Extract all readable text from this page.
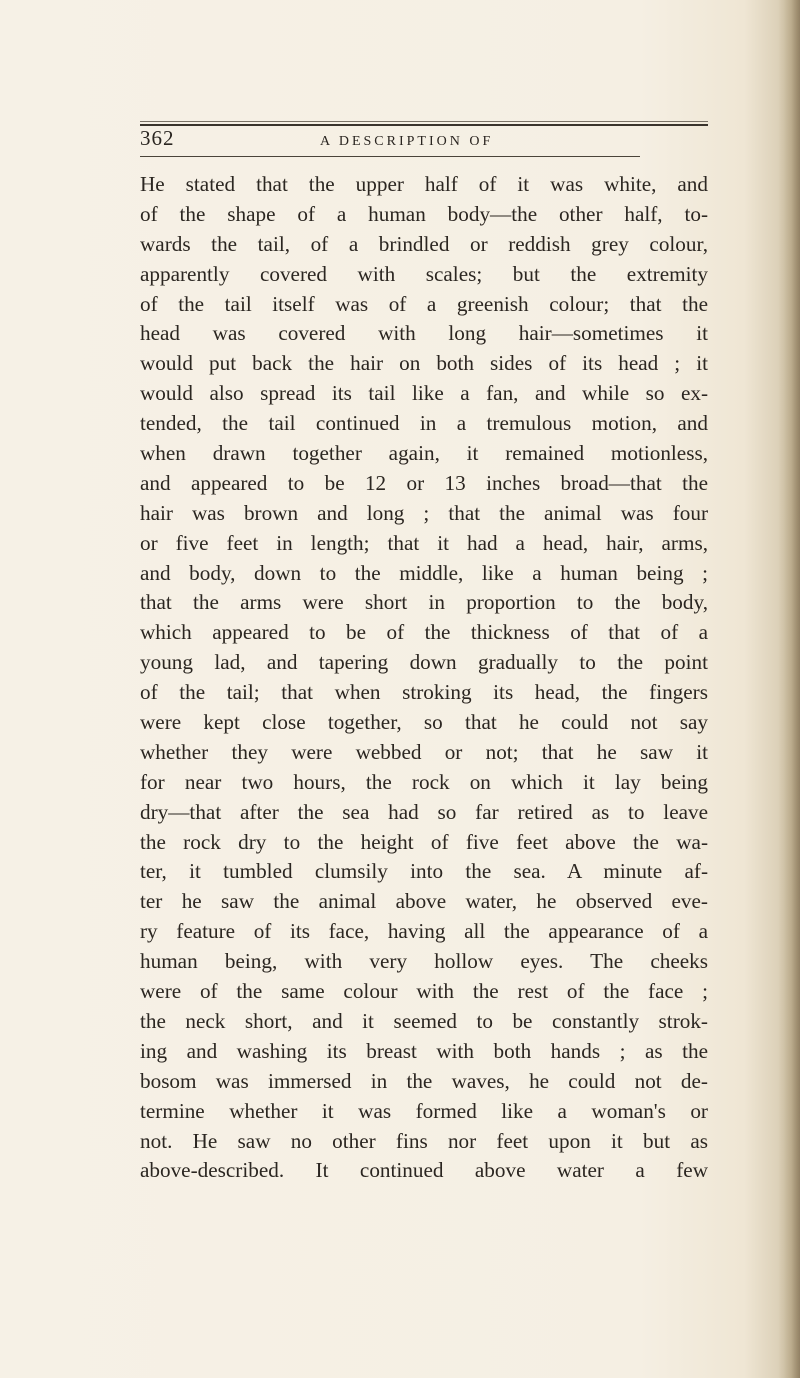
362	A DESCRIPTION OF
He stated that the upper half of it was white, and
of the shape of a human body—the other half, to-
wards the tail, of a brindled or reddish grey colour,
apparently covered with scales; but the extremity
of the tail itself was of a greenish colour; that the
head was covered with long hair—sometimes it
would put back the hair on both sides of its head ; it
would also spread its tail like a fan, and while so ex-
tended, the tail continued in a tremulous motion, and
when drawn together again, it remained motionless,
and appeared to be 12 or 13 inches broad—that the
hair was brown and long ; that the animal was four
or five feet in length; that it had a head, hair, arms,
and body, down to the middle, like a human being ;
that the arms were short in proportion to the body,
which appeared to be of the thickness of that of a
young lad, and tapering down gradually to the point
of the tail; that when stroking its head, the fingers
were kept close together, so that he could not say
whether they were webbed or not; that he saw it
for near two hours, the rock on which it lay being
dry—that after the sea had so far retired as to leave
the rock dry to the height of five feet above the wa-
ter, it tumbled clumsily into the sea. A minute af-
ter he saw the animal above water, he observed eve-
ry feature of its face, having all the appearance of a
human being, with very hollow eyes. The cheeks
were of the same colour with the rest of the face ;
the neck short, and it seemed to be constantly strok-
ing and washing its breast with both hands ; as the
bosom was immersed in the waves, he could not de-
termine whether it was formed like a woman's or
not. He saw no other fins nor feet upon it but as
above-described. It continued above water a few
